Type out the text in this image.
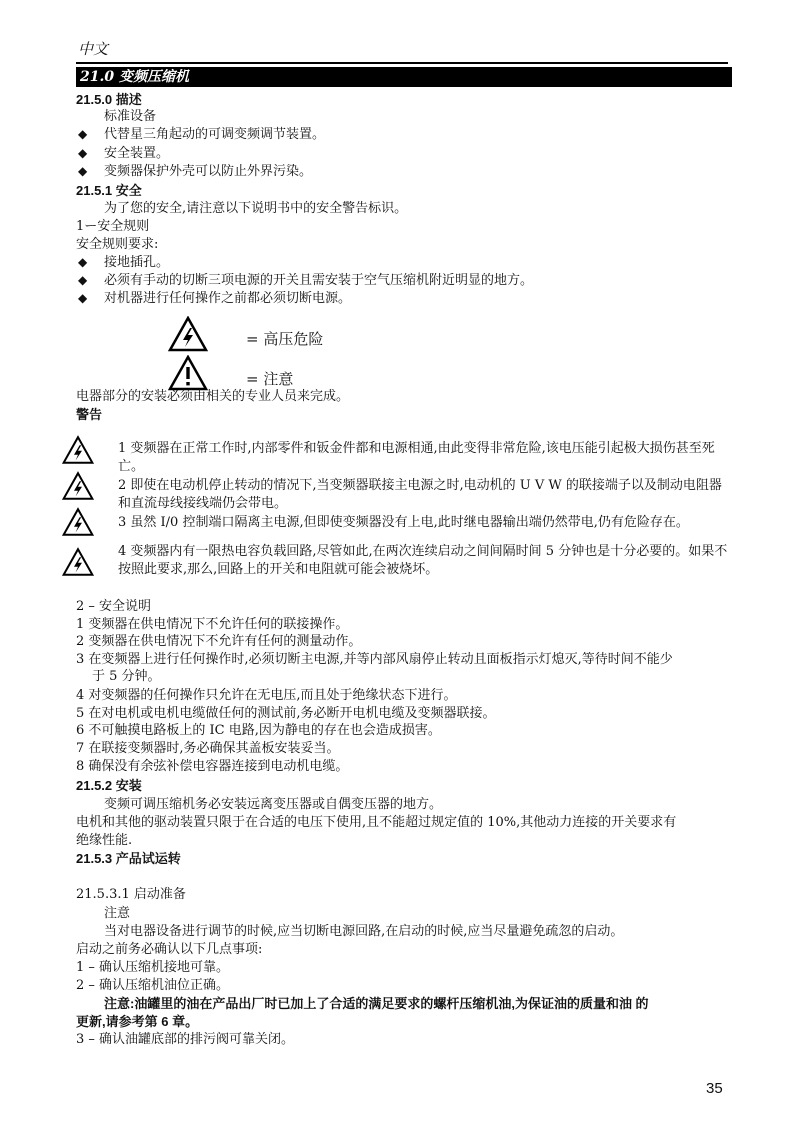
中文
21.0 变频压缩机
21.5.0 描述
标准设备
◆ 代替星三角起动的可调变频调节装置。
◆ 安全装置。
◆ 变频器保护外壳可以防止外界污染。
21.5.1 安全
为了您的安全,请注意以下说明书中的安全警告标识。
1ー安全规则
安全规则要求:
◆ 接地插孔。
◆ 必须有手动的切断三项电源的开关且需安装于空气压缩机附近明显的地方。
◆ 对机器进行任何操作之前都必须切断电源。
= 高压危险
= 注意
电器部分的安装必须由相关的专业人员来完成。
警告
1 变频器在正常工作时,内部零件和钣金件都和电源相通,由此变得非常危险,该电压能引起极大损伤甚至死亡。
2 即使在电动机停止转动的情况下,当变频器联接主电源之时,电动机的 U V W 的联接端子以及制动电阻器和直流母线接线端仍会带电。
3 虽然 I/0 控制端口隔离主电源,但即使变频器没有上电,此时继电器输出端仍然带电,仍有危险存在。
4 变频器内有一限热电容负载回路,尽管如此,在两次连续启动之间间隔时间 5 分钟也是十分必要的。如果不按照此要求,那么,回路上的开关和电阻就可能会被烧坏。
2 – 安全说明
1 变频器在供电情况下不允许任何的联接操作。
2 变频器在供电情况下不允许有任何的测量动作。
3 在变频器上进行任何操作时,必须切断主电源,并等内部风扇停止转动且面板指示灯熄灭,等待时间不能少
于 5 分钟。
4 对变频器的任何操作只允许在无电压,而且处于绝缘状态下进行。
5 在对电机或电机电缆做任何的测试前,务必断开电机电缆及变频器联接。
6 不可触摸电路板上的 IC 电路,因为静电的存在也会造成损害。
7 在联接变频器时,务必确保其盖板安装妥当。
8 确保没有余弦补偿电容器连接到电动机电缆。
21.5.2 安装
变频可调压缩机务必安装远离变压器或自偶变压器的地方。
电机和其他的驱动装置只限于在合适的电压下使用,且不能超过规定值的 10%,其他动力连接的开关要求有
绝缘性能.
21.5.3 产品试运转
21.5.3.1 启动准备
注意
当对电器设备进行调节的时候,应当切断电源回路,在启动的时候,应当尽量避免疏忽的启动。
启动之前务必确认以下几点事项:
1 – 确认压缩机接地可靠。
2 – 确认压缩机油位正确。
注意:油罐里的油在产品出厂时已加上了合适的满足要求的螺杆压缩机油,为保证油的质量和油 的
更新,请参考第 6 章。
3 – 确认油罐底部的排污阀可靠关闭。
35
